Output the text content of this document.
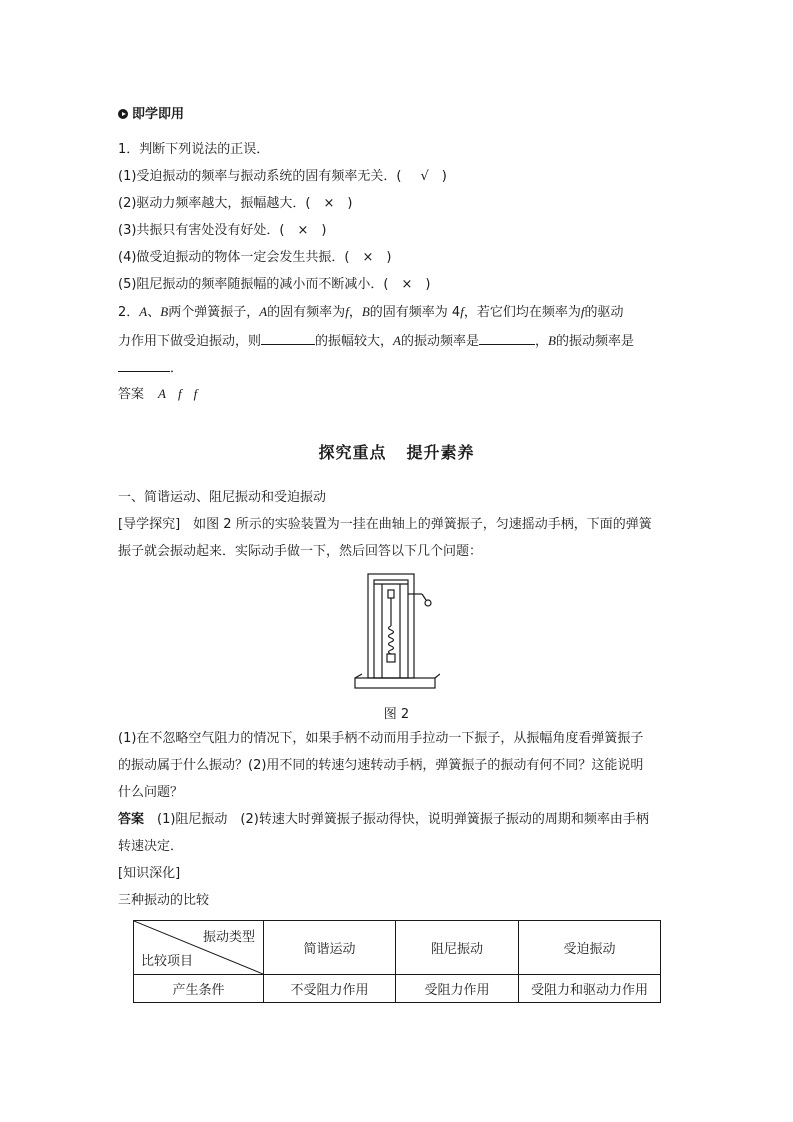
即学即用
1．判断下列说法的正误．
(1)受迫振动的频率与振动系统的固有频率无关．(　√　)
(2)驱动力频率越大，振幅越大．(　×　)
(3)共振只有害处没有好处．(　×　)
(4)做受迫振动的物体一定会发生共振．(　×　)
(5)阻尼振动的频率随振幅的减小而不断减小．(　×　)
2．A、B两个弹簧振子，A的固有频率为f，B的固有频率为 4f，若它们均在频率为f的驱动
力作用下做受迫振动，则	的振幅较大，A的振动频率是	，B的振动频率是
．
答案 A f f
探究重点 提升素养
一、简谐运动、阻尼振动和受迫振动
[导学探究]　如图 2 所示的实验装置为一挂在曲轴上的弹簧振子，匀速摇动手柄，下面的弹簧
振子就会振动起来．实际动手做一下，然后回答以下几个问题：
图 2
(1)在不忽略空气阻力的情况下，如果手柄不动而用手拉动一下振子，从振幅角度看弹簧振子
的振动属于什么振动？(2)用不同的转速匀速转动手柄，弹簧振子的振动有何不同？这能说明
什么问题？
答案　(1)阻尼振动　(2)转速大时弹簧振子振动得快，说明弹簧振子振动的周期和频率由手柄
转速决定．
[知识深化]
三种振动的比较
振动类型
比较项目	简谐运动	阻尼振动	受迫振动
产生条件	不受阻力作用	受阻力作用	受阻力和驱动力作用
